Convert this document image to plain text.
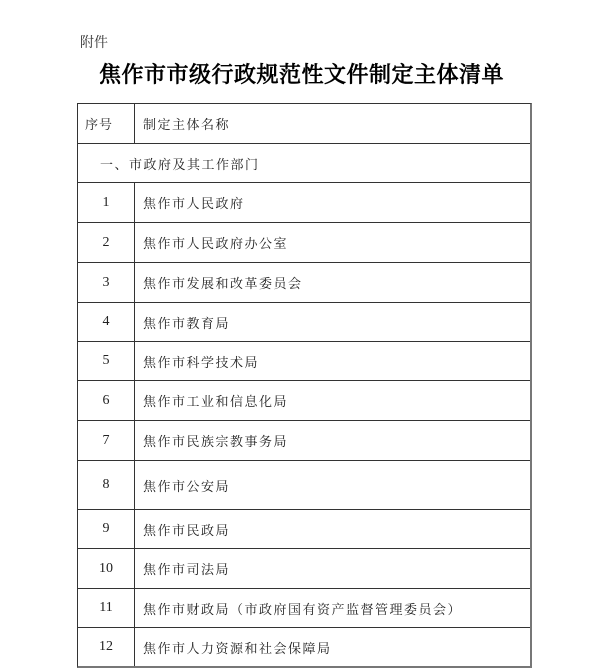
附件
焦作市市级行政规范性文件制定主体清单
序号	制定主体名称
一、市政府及其工作部门
1	焦作市人民政府
2	焦作市人民政府办公室
3	焦作市发展和改革委员会
4	焦作市教育局
5	焦作市科学技术局
6	焦作市工业和信息化局
7	焦作市民族宗教事务局
8	焦作市公安局
9	焦作市民政局
10	焦作市司法局
11	焦作市财政局（市政府国有资产监督管理委员会）
12	焦作市人力资源和社会保障局
